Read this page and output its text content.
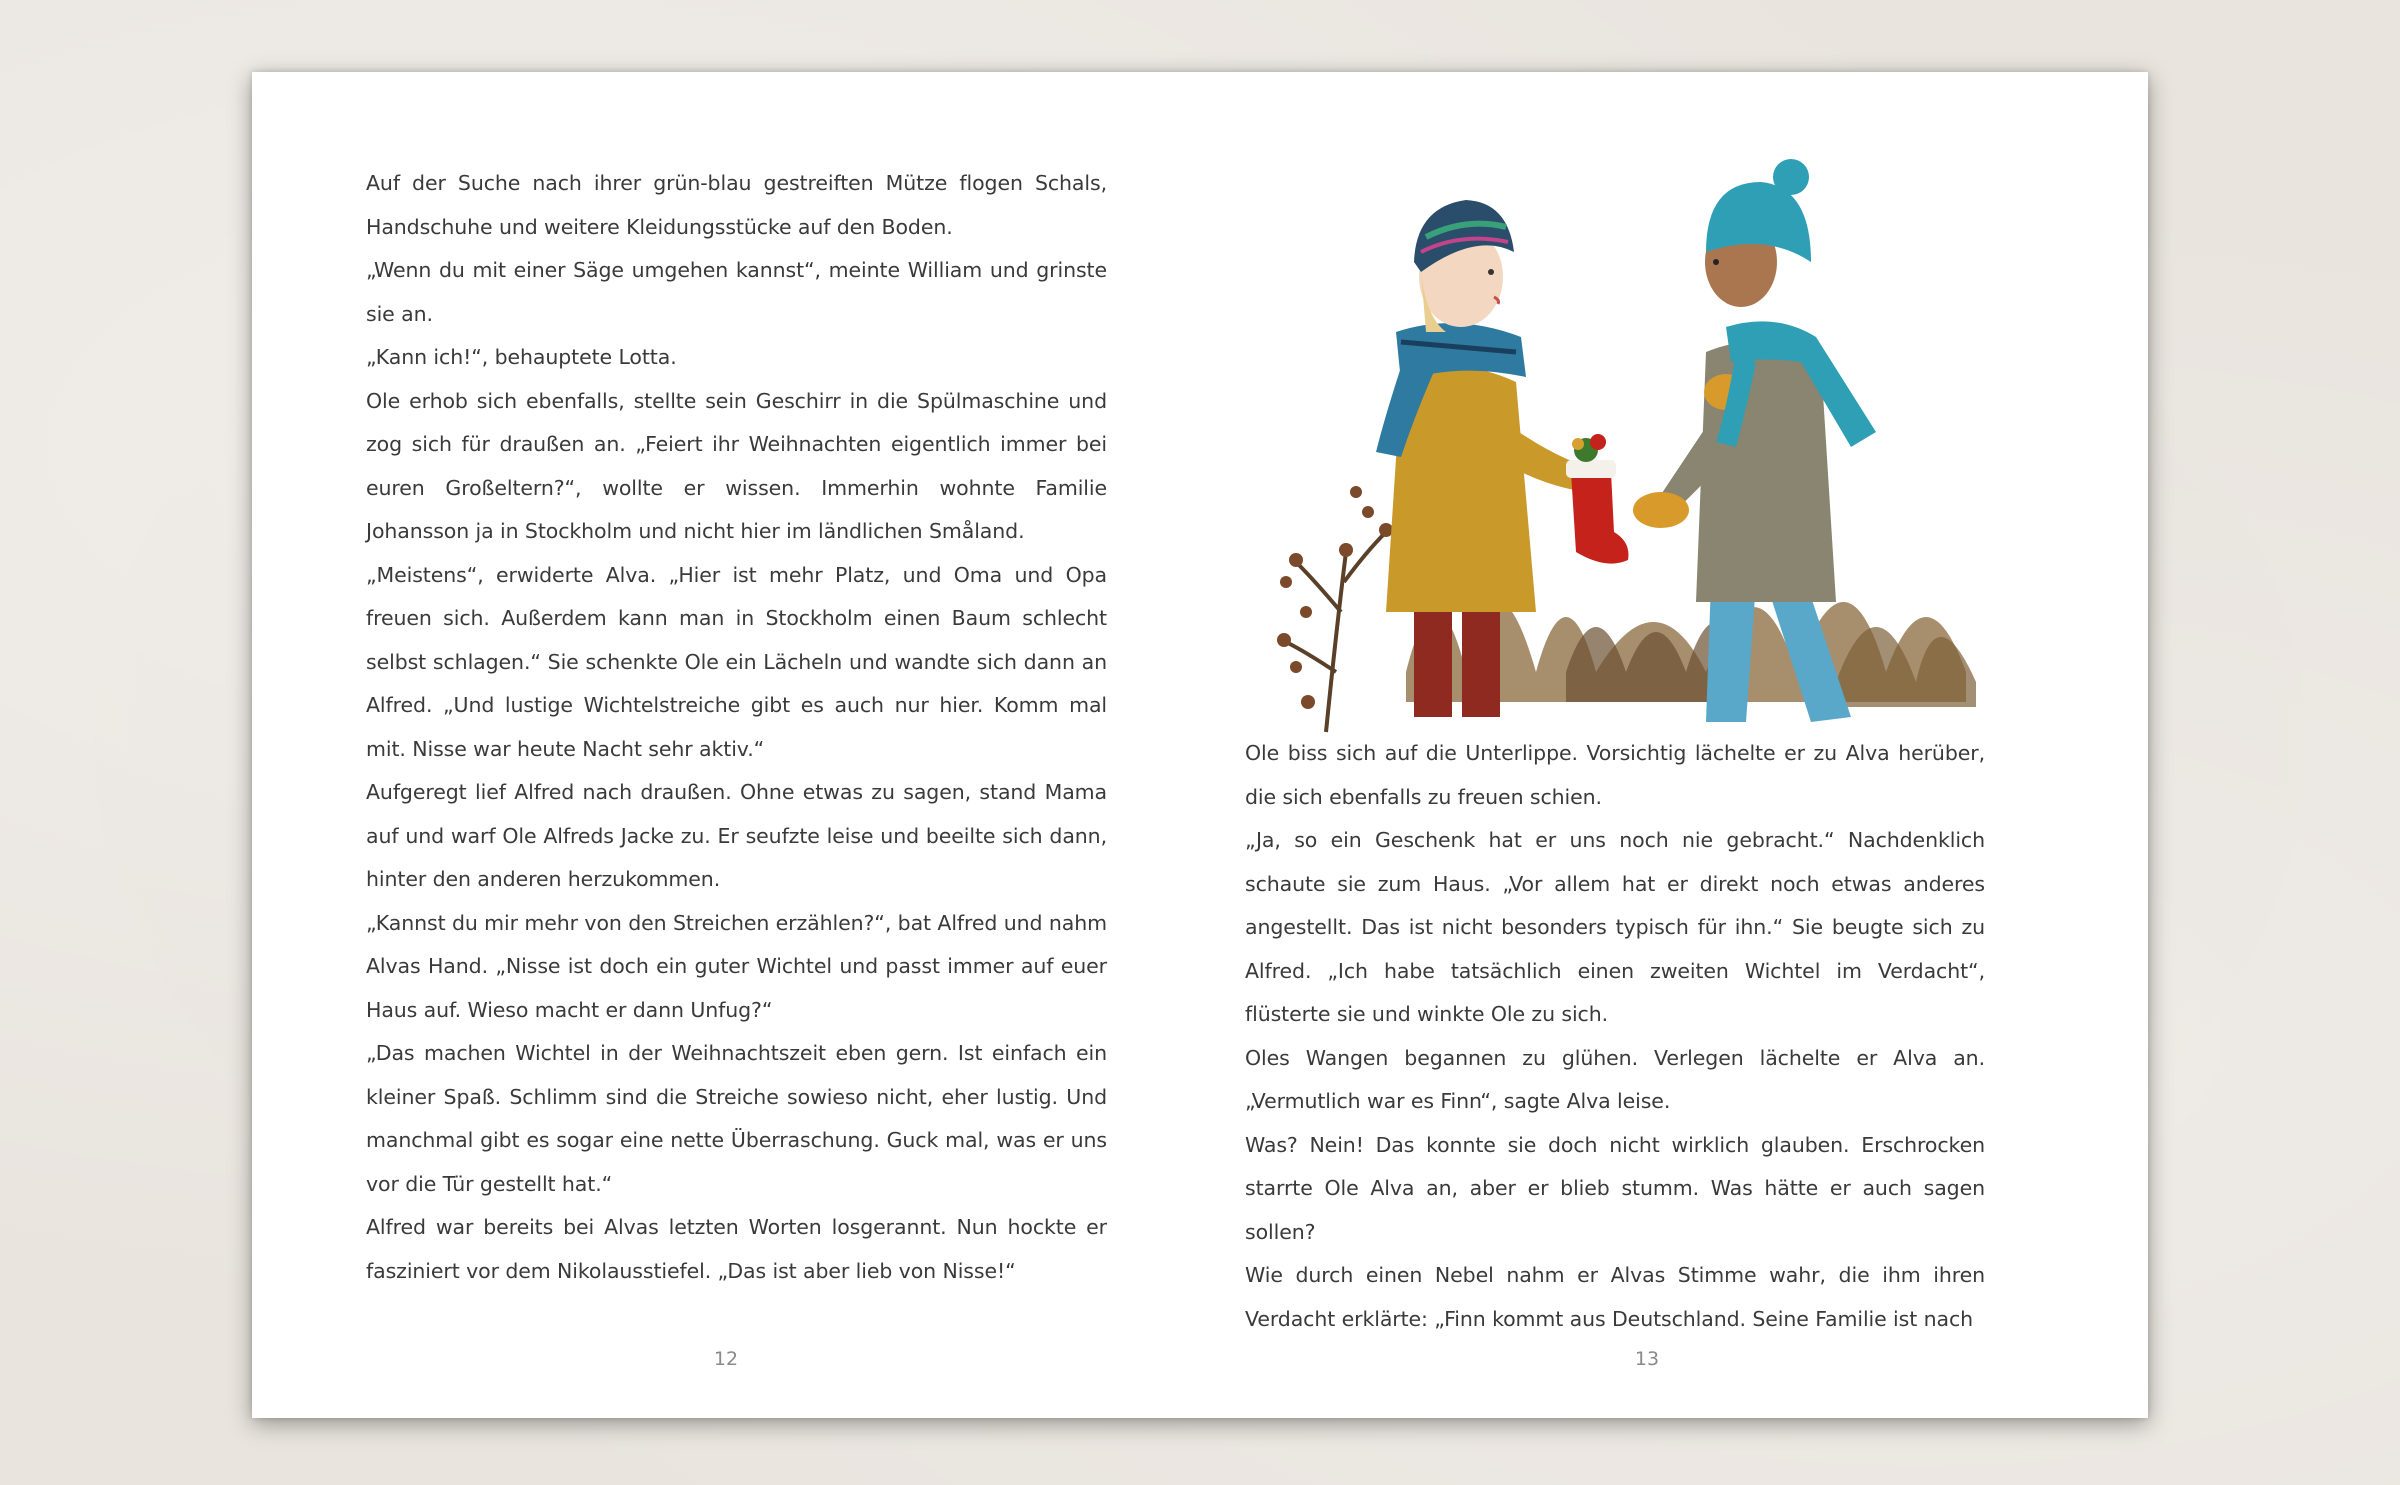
Auf der Suche nach ihrer grün-blau gestreiften Mütze flogen Schals, Handschuhe und weitere Kleidungsstücke auf den Boden.

„Wenn du mit einer Säge umgehen kannst“, meinte William und grinste sie an.

„Kann ich!“, behauptete Lotta.

Ole erhob sich ebenfalls, stellte sein Geschirr in die Spülmaschine und zog sich für draußen an. „Feiert ihr Weihnachten eigentlich immer bei euren Großeltern?“, wollte er wissen. Immerhin wohnte Familie Johansson ja in Stockholm und nicht hier im ländlichen Småland.

„Meistens“, erwiderte Alva. „Hier ist mehr Platz, und Oma und Opa freuen sich. Außerdem kann man in Stockholm einen Baum schlecht selbst schlagen.“ Sie schenkte Ole ein Lächeln und wandte sich dann an Alfred. „Und lustige Wichtelstreiche gibt es auch nur hier. Komm mal mit. Nisse war heute Nacht sehr aktiv.“

Aufgeregt lief Alfred nach draußen. Ohne etwas zu sagen, stand Mama auf und warf Ole Alfreds Jacke zu. Er seufzte leise und beeilte sich dann, hinter den anderen herzukommen.

„Kannst du mir mehr von den Streichen erzählen?“, bat Alfred und nahm Alvas Hand. „Nisse ist doch ein guter Wichtel und passt immer auf euer Haus auf. Wieso macht er dann Unfug?“

„Das machen Wichtel in der Weihnachtszeit eben gern. Ist einfach ein kleiner Spaß. Schlimm sind die Streiche sowieso nicht, eher lustig. Und manchmal gibt es sogar eine nette Überraschung. Guck mal, was er uns vor die Tür gestellt hat.“

Alfred war bereits bei Alvas letzten Worten losgerannt. Nun hockte er fasziniert vor dem Nikolausstiefel. „Das ist aber lieb von Nisse!“

12

Ole biss sich auf die Unterlippe. Vorsichtig lächelte er zu Alva herüber, die sich ebenfalls zu freuen schien.

„Ja, so ein Geschenk hat er uns noch nie gebracht.“ Nachdenklich schaute sie zum Haus. „Vor allem hat er direkt noch etwas anderes angestellt. Das ist nicht besonders typisch für ihn.“ Sie beugte sich zu Alfred. „Ich habe tatsächlich einen zweiten Wichtel im Verdacht“, flüsterte sie und winkte Ole zu sich.

Oles Wangen begannen zu glühen. Verlegen lächelte er Alva an. „Vermutlich war es Finn“, sagte Alva leise.

Was? Nein! Das konnte sie doch nicht wirklich glauben. Erschrocken starrte Ole Alva an, aber er blieb stumm. Was hätte er auch sagen sollen?

Wie durch einen Nebel nahm er Alvas Stimme wahr, die ihm ihren Verdacht erklärte: „Finn kommt aus Deutschland. Seine Familie ist nach

13
